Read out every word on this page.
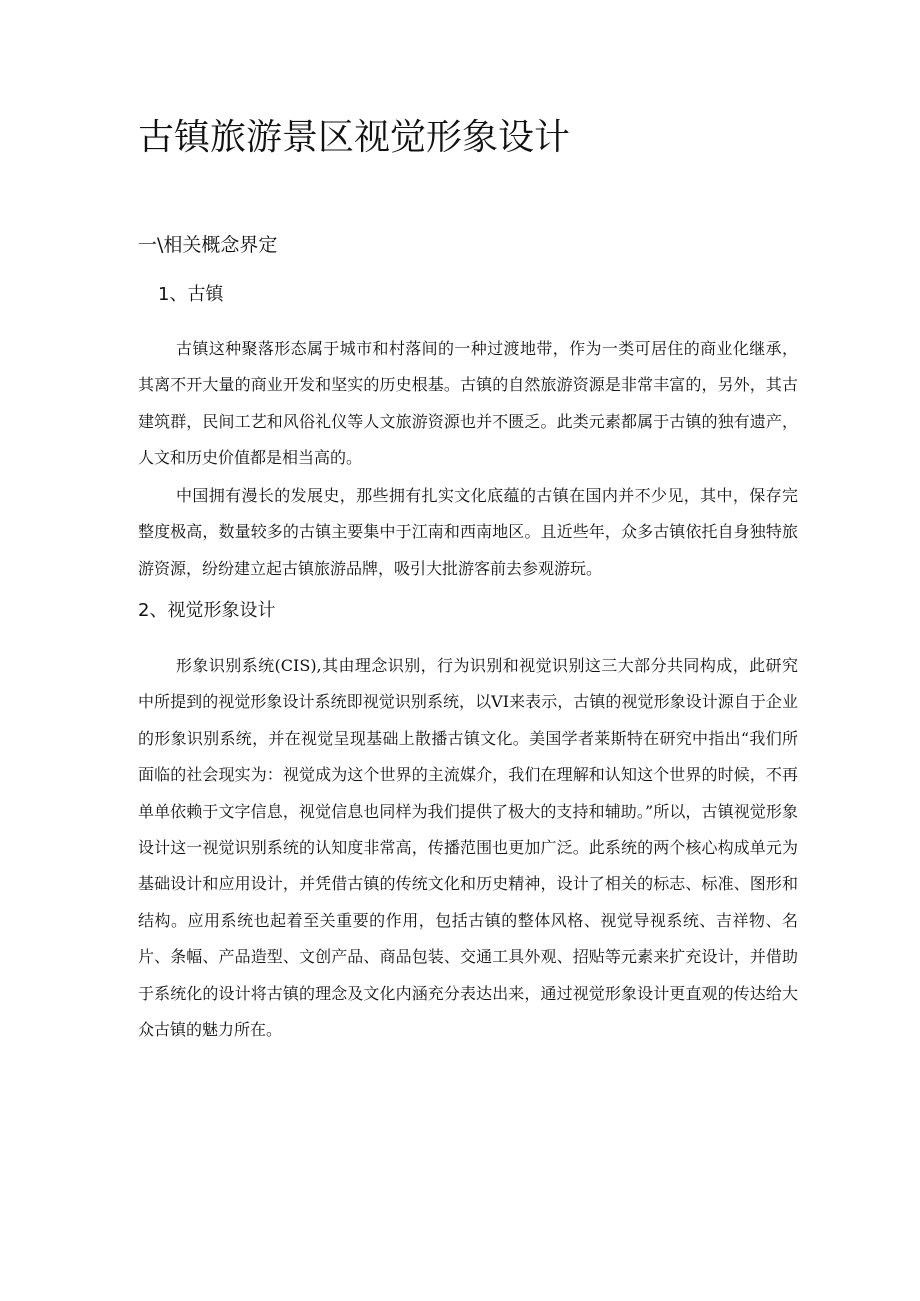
古镇旅游景区视觉形象设计
一\相关概念界定
1、古镇

古镇这种聚落形态属于城市和村落间的一种过渡地带，作为一类可居住的商业化继承，其离不开大量的商业开发和坚实的历史根基。古镇的自然旅游资源是非常丰富的，另外，其古建筑群，民间工艺和风俗礼仪等人文旅游资源也并不匮乏。此类元素都属于古镇的独有遗产，人文和历史价值都是相当高的。

中国拥有漫长的发展史，那些拥有扎实文化底蕴的古镇在国内并不少见，其中，保存完整度极高，数量较多的古镇主要集中于江南和西南地区。且近些年，众多古镇依托自身独特旅游资源，纷纷建立起古镇旅游品牌，吸引大批游客前去参观游玩。

2、视觉形象设计

形象识别系统(CIS),其由理念识别，行为识别和视觉识别这三大部分共同构成，此研究中所提到的视觉形象设计系统即视觉识别系统，以VI来表示，古镇的视觉形象设计源自于企业的形象识别系统，并在视觉呈现基础上散播古镇文化。美国学者莱斯特在研究中指出“我们所面临的社会现实为：视觉成为这个世界的主流媒介，我们在理解和认知这个世界的时候，不再单单依赖于文字信息，视觉信息也同样为我们提供了极大的支持和辅助。”所以，古镇视觉形象设计这一视觉识别系统的认知度非常高，传播范围也更加广泛。此系统的两个核心构成单元为基础设计和应用设计，并凭借古镇的传统文化和历史精神，设计了相关的标志、标准、图形和结构。应用系统也起着至关重要的作用，包括古镇的整体风格、视觉导视系统、吉祥物、名片、条幅、产品造型、文创产品、商品包装、交通工具外观、招贴等元素来扩充设计，并借助于系统化的设计将古镇的理念及文化内涵充分表达出来，通过视觉形象设计更直观的传达给大众古镇的魅力所在。
